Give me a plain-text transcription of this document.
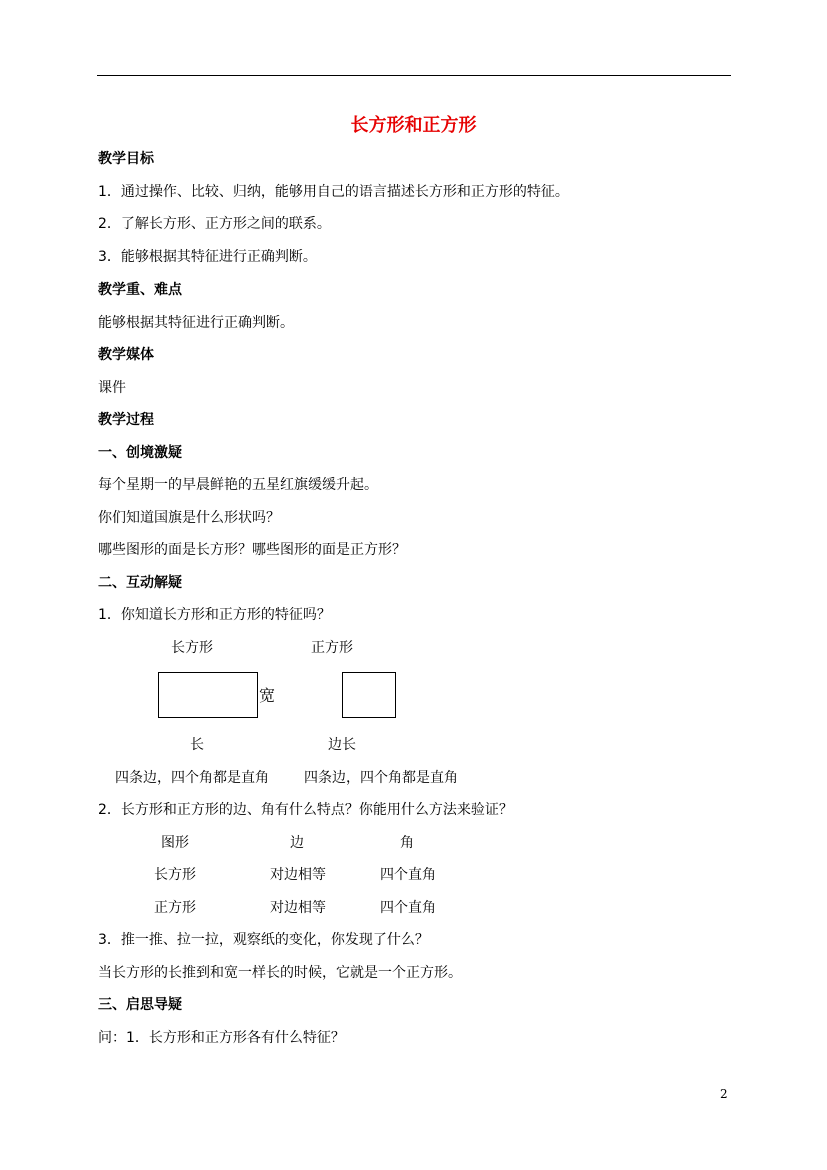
长方形和正方形
教学目标
1．通过操作、比较、归纳，能够用自己的语言描述长方形和正方形的特征。
2．了解长方形、正方形之间的联系。
3．能够根据其特征进行正确判断。
教学重、难点
能够根据其特征进行正确判断。
教学媒体
课件
教学过程
一、创境激疑
每个星期一的早晨鲜艳的五星红旗缓缓升起。
你们知道国旗是什么形状吗？
哪些图形的面是长方形？哪些图形的面是正方形？
二、互动解疑
1．你知道长方形和正方形的特征吗？
长方形	正方形
宽
长	边长
四条边，四个角都是直角	四条边，四个角都是直角
2．长方形和正方形的边、角有什么特点？你能用什么方法来验证？
图形	边	角
长方形	对边相等	四个直角
正方形	对边相等	四个直角
3．推一推、拉一拉，观察纸的变化，你发现了什么？
当长方形的长推到和宽一样长的时候，它就是一个正方形。
三、启思导疑
问：1．长方形和正方形各有什么特征？
2
